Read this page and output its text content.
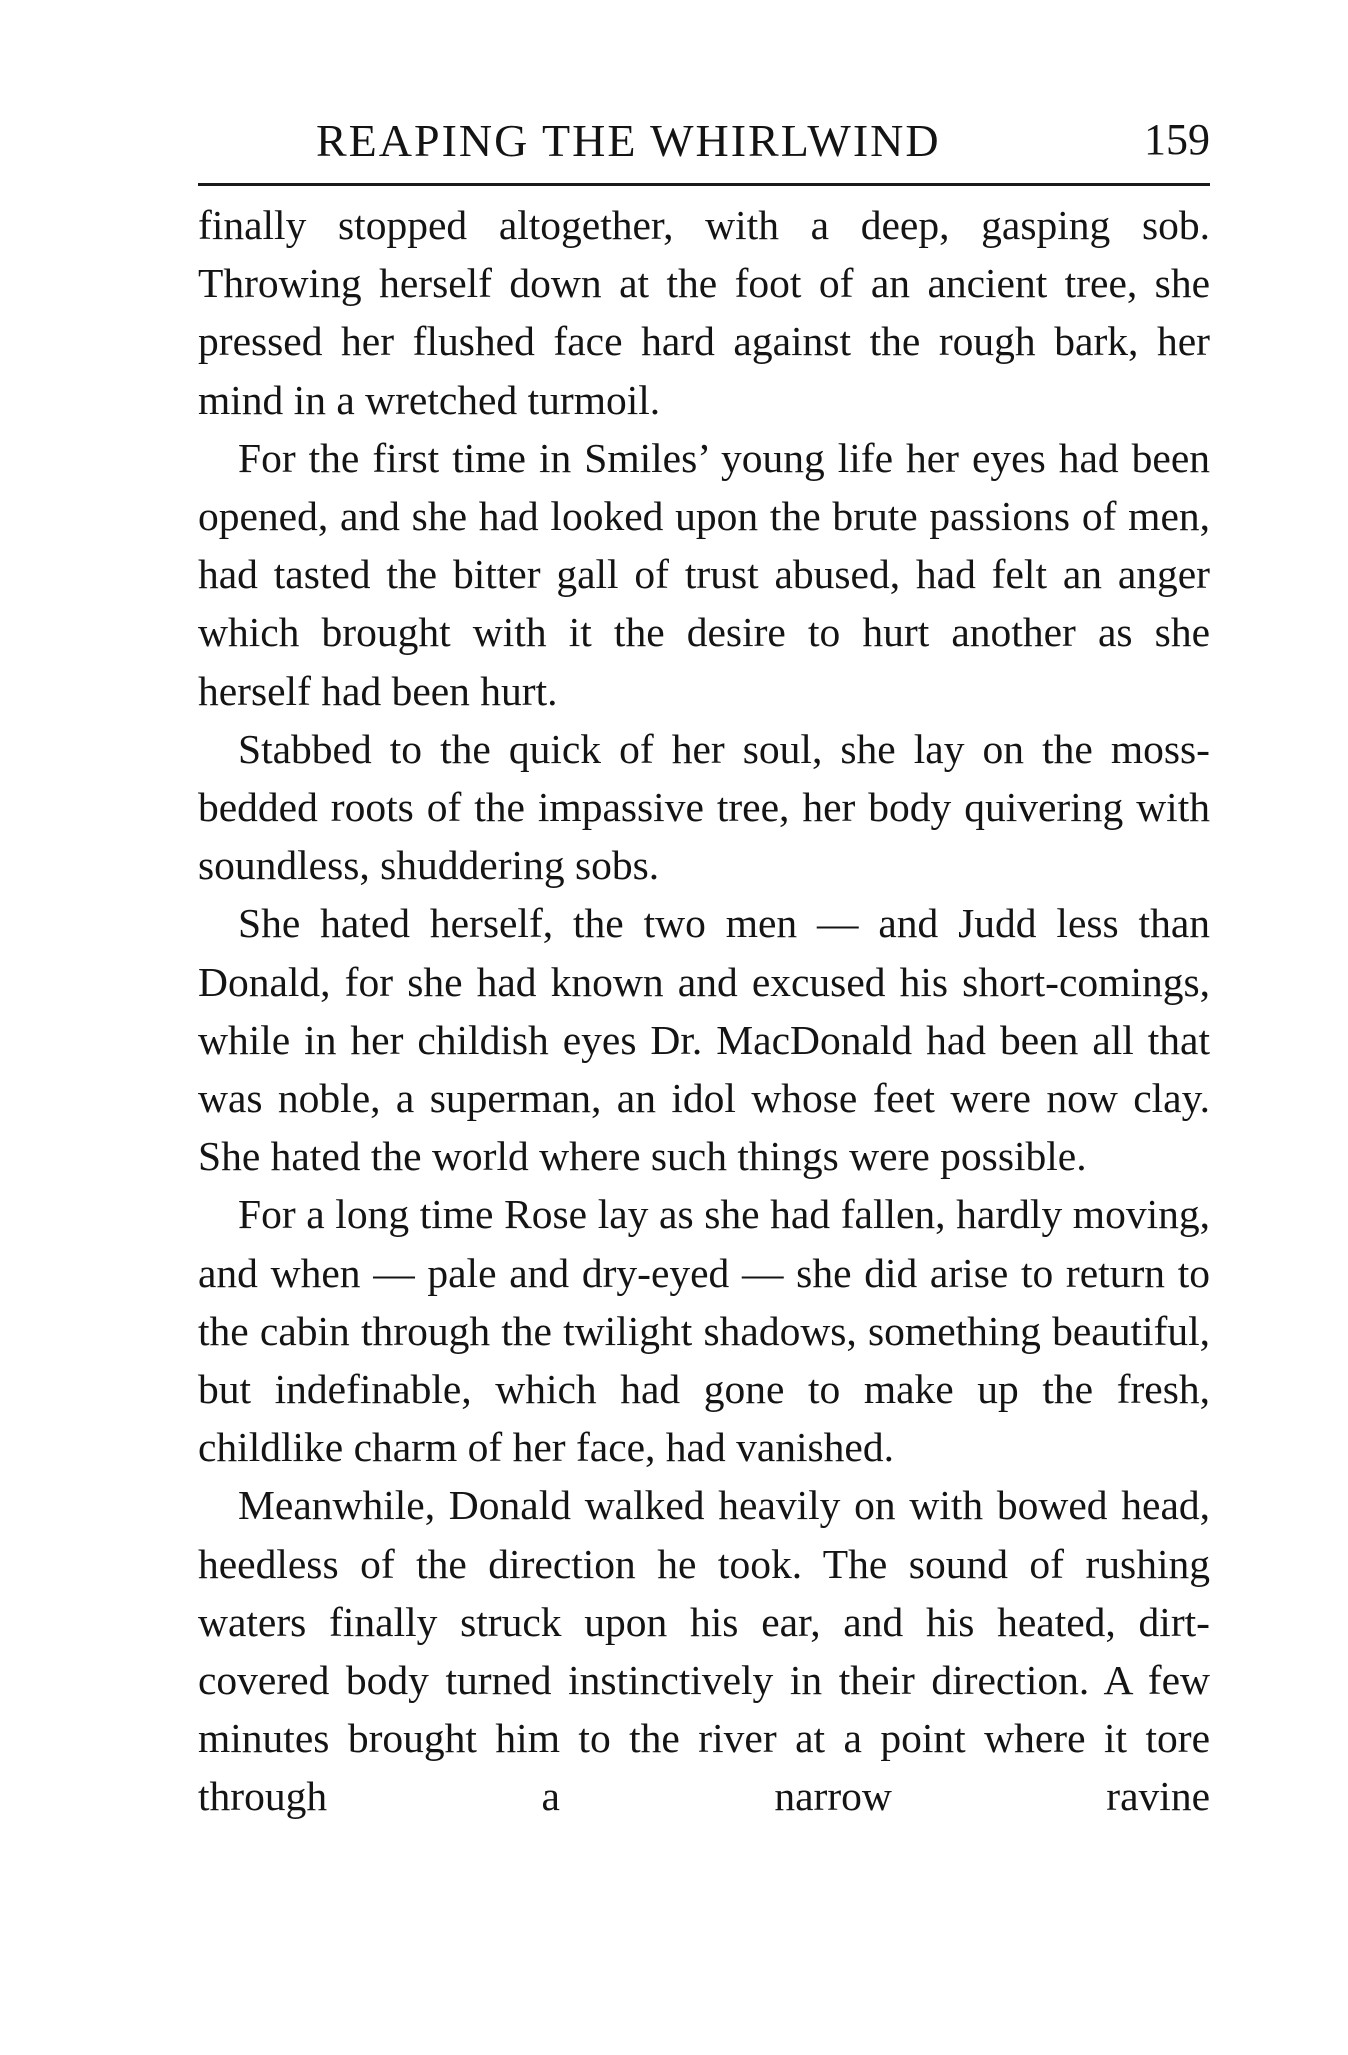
REAPING THE WHIRLWIND	159

finally stopped altogether, with a deep, gasping sob. Throwing herself down at the foot of an ancient tree, she pressed her flushed face hard against the rough bark, her mind in a wretched turmoil.

For the first time in Smiles’ young life her eyes had been opened, and she had looked upon the brute passions of men, had tasted the bitter gall of trust abused, had felt an anger which brought with it the desire to hurt another as she herself had been hurt.

Stabbed to the quick of her soul, she lay on the moss-bedded roots of the impassive tree, her body quivering with soundless, shuddering sobs.

She hated herself, the two men — and Judd less than Donald, for she had known and excused his short-comings, while in her childish eyes Dr. MacDonald had been all that was noble, a superman, an idol whose feet were now clay. She hated the world where such things were possible.

For a long time Rose lay as she had fallen, hardly moving, and when — pale and dry-eyed — she did arise to return to the cabin through the twilight shadows, something beautiful, but indefinable, which had gone to make up the fresh, childlike charm of her face, had vanished.

Meanwhile, Donald walked heavily on with bowed head, heedless of the direction he took. The sound of rushing waters finally struck upon his ear, and his heated, dirt-covered body turned instinctively in their direction. A few minutes brought him to the river at a point where it tore through a narrow ravine
